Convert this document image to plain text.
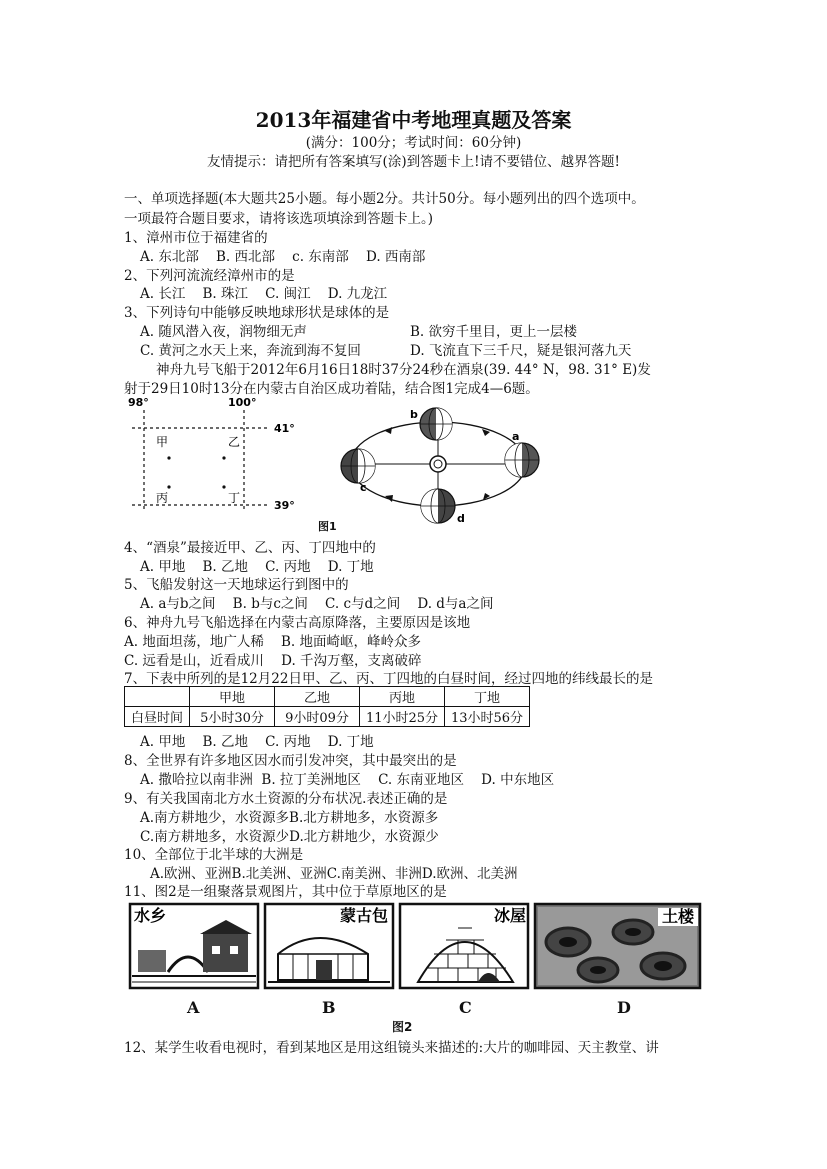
2013年福建省中考地理真题及答案
(满分：100分；考试时间：60分钟)
友情提示：请把所有答案填写(涂)到答题卡上!请不要错位、越界答题!
一、单项选择题(本大题共25小题。每小题2分。共计50分。每小题列出的四个选项中。
一项最符合题目要求，请将该选项填涂到答题卡上。)
1、漳州市位于福建省的
A. 东北部    B. 西北部    c. 东南部    D. 西南部
2、下列河流流经漳州市的是
A. 长江    B. 珠江    C. 闽江    D. 九龙江
3、下列诗句中能够反映地球形状是球体的是
A. 随风潜入夜，润物细无声	B. 欲穷千里目，更上一层楼
C. 黄河之水天上来，奔流到海不复回	D. 飞流直下三千尺，疑是银河落九天
神舟九号飞船于2012年6月16日18时37分24秒在酒泉(39. 44° N，98. 31° E)发
射于29日10时13分在内蒙古自治区成功着陆，结合图1完成4—6题。
98°	100°
41°
39°
甲	乙
丙	丁
b
a
c
d
图1
4、“酒泉”最接近甲、乙、丙、丁四地中的
A. 甲地    B. 乙地    C. 丙地    D. 丁地
5、飞船发射这一天地球运行到图中的
A. a与b之间    B. b与c之间    C. c与d之间    D. d与a之间
6、神舟九号飞船选择在内蒙古高原降落，主要原因是该地
A. 地面坦荡，地广人稀    B. 地面崎岖，峰岭众多
C. 远看是山，近看成川    D. 千沟万壑，支离破碎
7、下表中所列的是12月22日甲、乙、丙、丁四地的白昼时间，经过四地的纬线最长的是
	甲地	乙地	丙地	丁地
白昼时间	5小时30分	9小时09分	11小时25分	13小时56分
A. 甲地    B. 乙地    C. 丙地    D. 丁地
8、全世界有许多地区因水而引发冲突，其中最突出的是
A. 撒哈拉以南非洲  B. 拉丁美洲地区    C. 东南亚地区    D. 中东地区
9、有关我国南北方水土资源的分布状况.表述正确的是
A.南方耕地少，水资源多B.北方耕地多，水资源多
C.南方耕地多，水资源少D.北方耕地少，水资源少
10、全部位于北半球的大洲是
A.欧洲、亚洲B.北美洲、亚洲C.南美洲、非洲D.欧洲、北美洲
11、图2是一组聚落景观图片，其中位于草原地区的是
水乡	蒙古包	冰屋	土楼
A	B	C	D
图2
12、某学生收看电视时，看到某地区是用这组镜头来描述的:大片的咖啡园、天主教堂、讲
